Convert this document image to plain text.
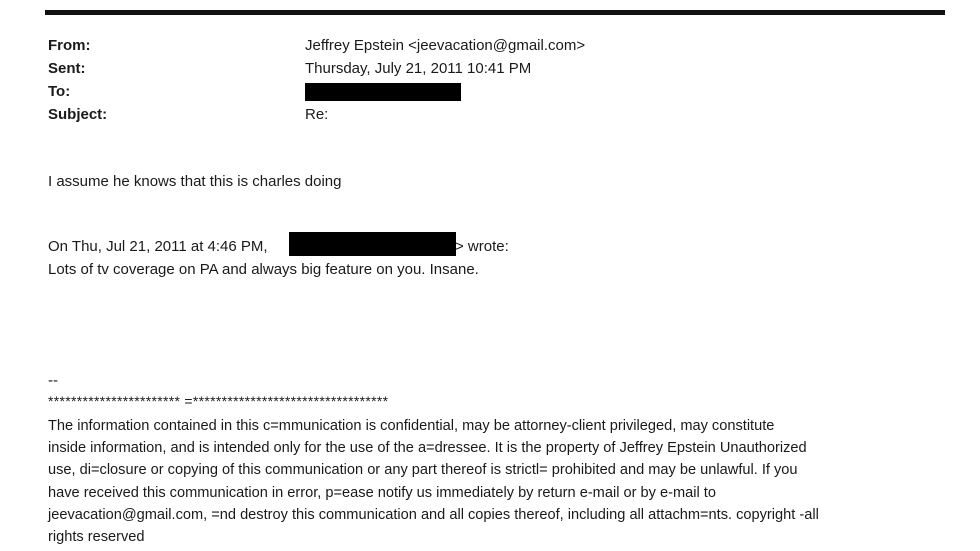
From:	Jeffrey Epstein <jeevacation@gmail.com>
Sent:	Thursday, July 21, 2011 10:41 PM
To:
Subject:	Re:
I assume he knows that this is charles doing
On Thu, Jul 21, 2011 at 4:46 PM,	> wrote:
Lots of tv coverage on PA and always big feature on you. Insane.
--
*********************** =**********************************
The information contained in this c=mmunication is confidential, may be attorney-client privileged, may constitute
inside information, and is intended only for the use of the a=dressee. It is the property of Jeffrey Epstein Unauthorized
use, di=closure or copying of this communication or any part thereof is strictl= prohibited and may be unlawful. If you
have received this communication in error, p=ease notify us immediately by return e-mail or by e-mail to
jeevacation@gmail.com, =nd destroy this communication and all copies thereof, including all attachm=nts. copyright -all
rights reserved
